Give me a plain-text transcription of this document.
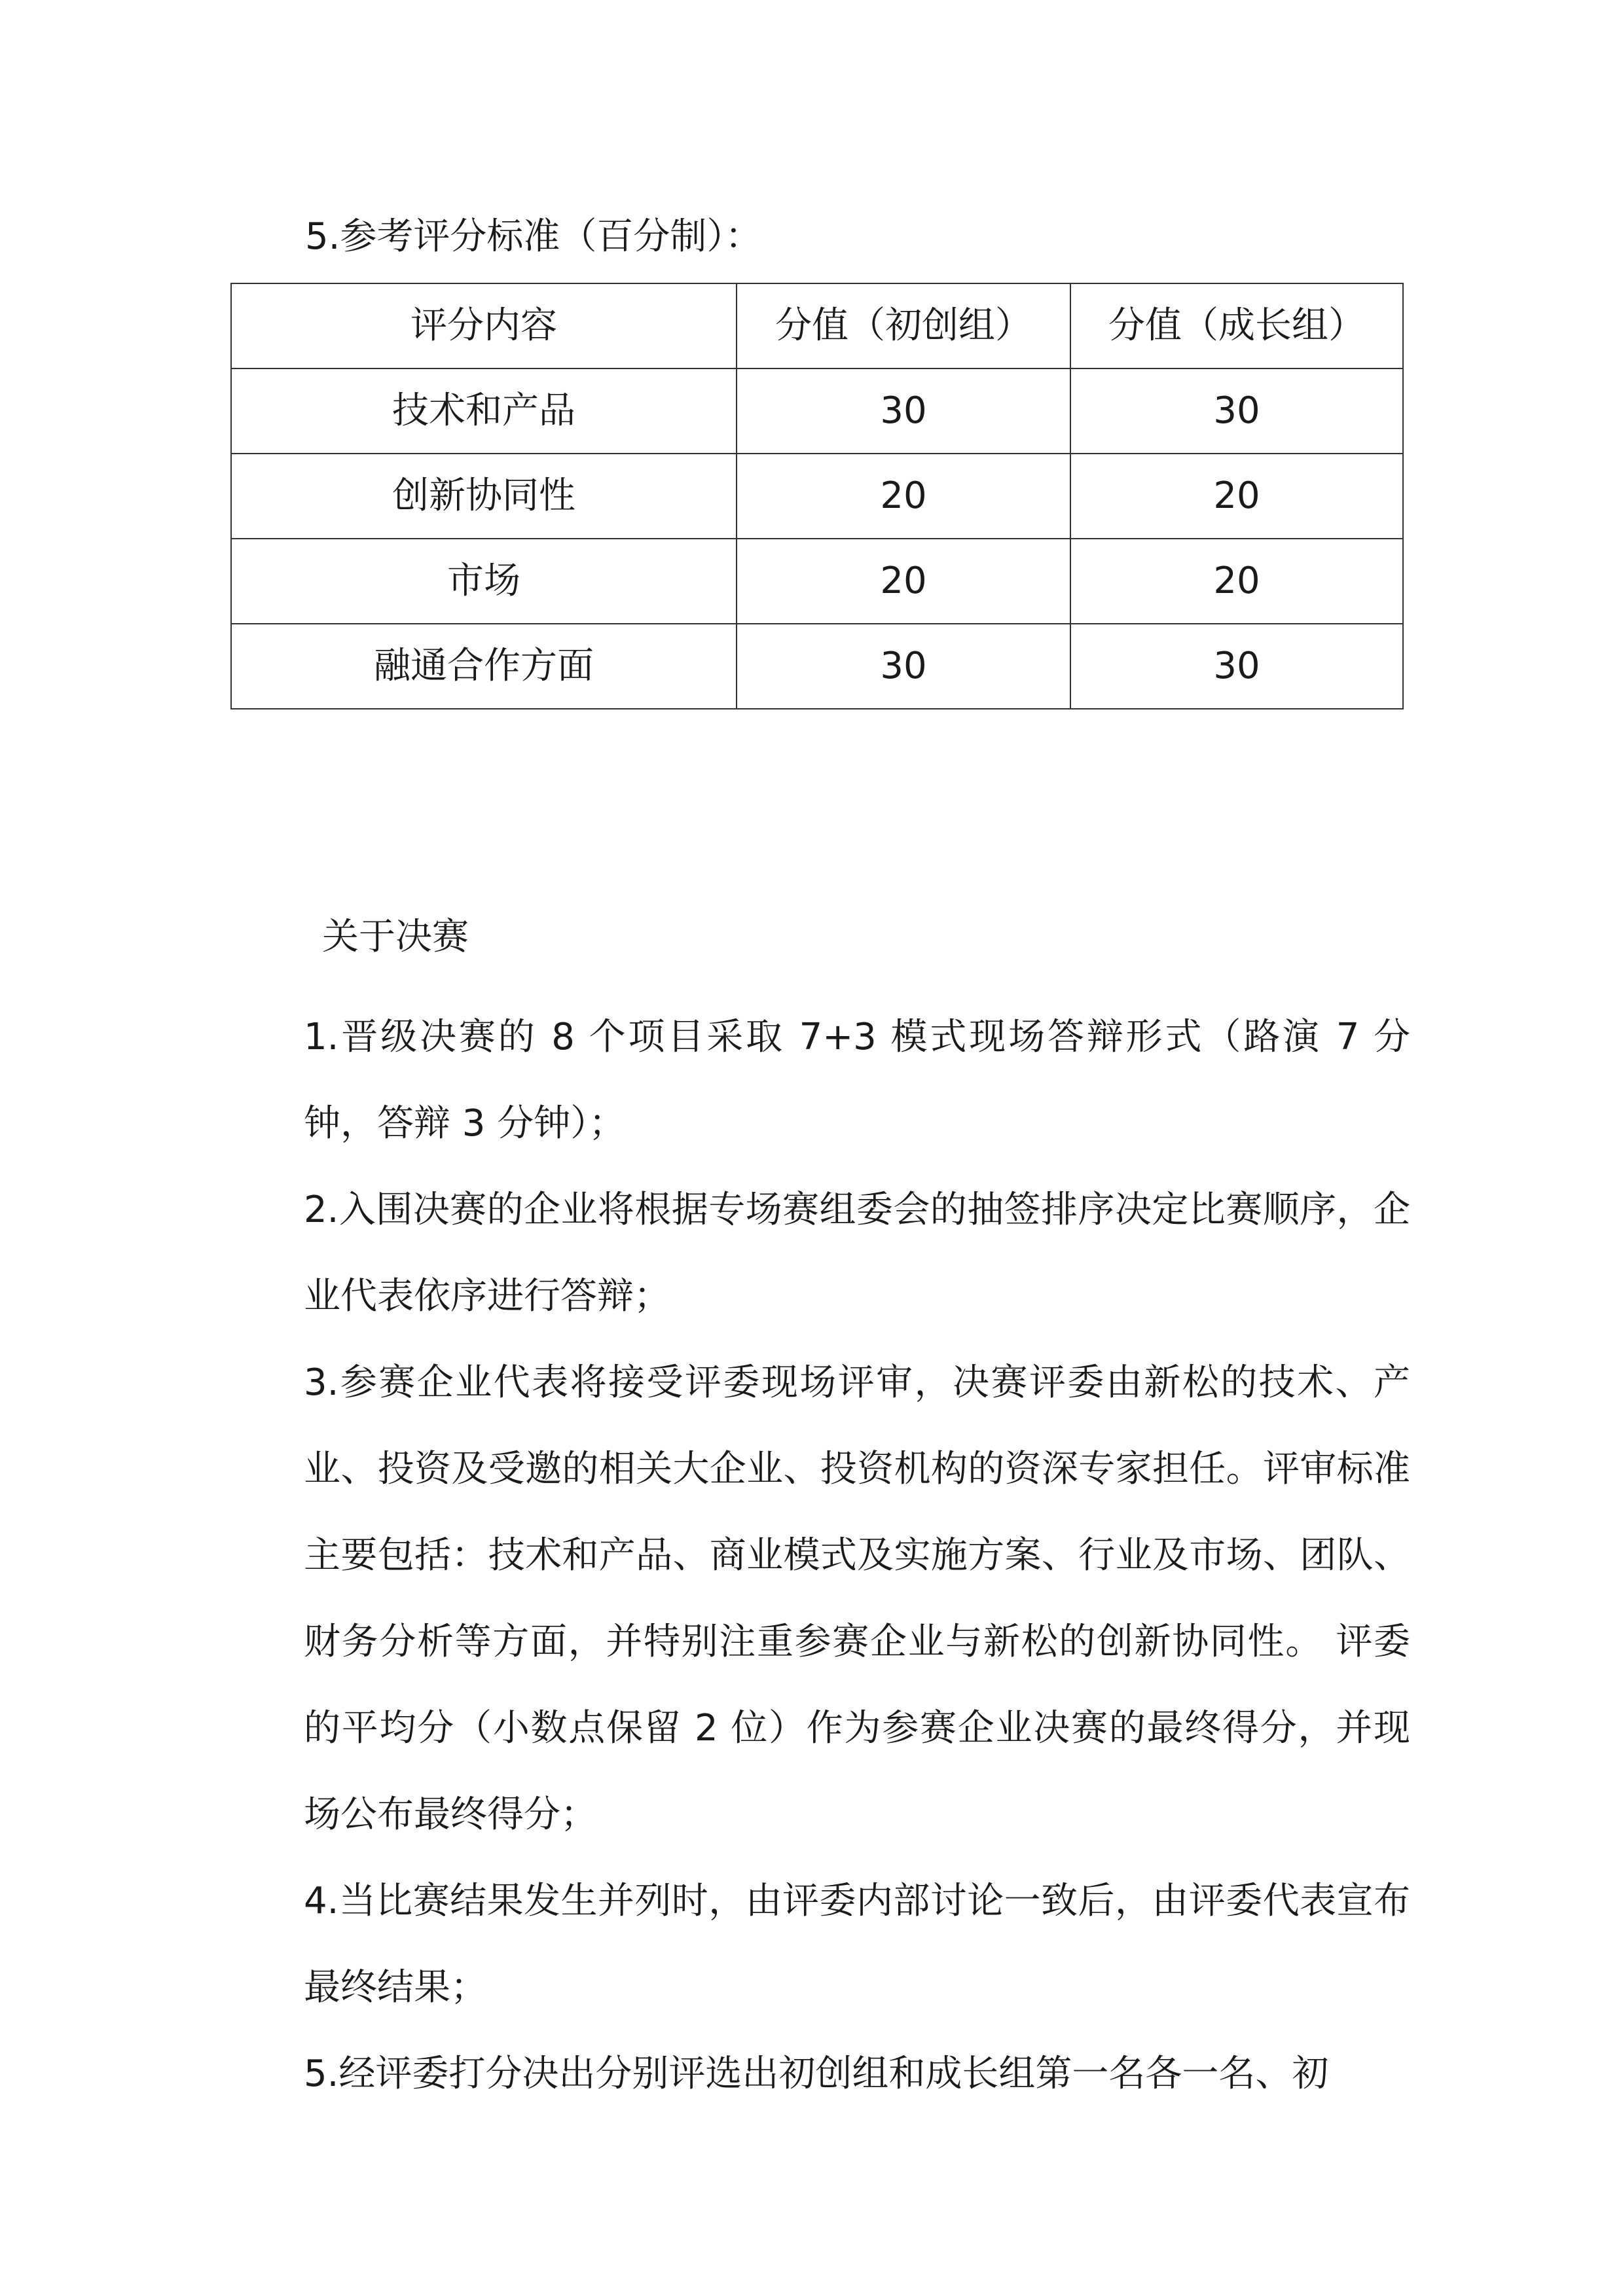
5.参考评分标准（百分制）：
评分内容	分值（初创组）	分值（成长组）
技术和产品	30	30
创新协同性	20	20
市场	20	20
融通合作方面	30	30
关于决赛

1.晋级决赛的 8 个项目采取 7+3 模式现场答辩形式（路演 7 分钟，答辩 3 分钟）；

2.入围决赛的企业将根据专场赛组委会的抽签排序决定比赛顺序，企业代表依序进行答辩；

3.参赛企业代表将接受评委现场评审，决赛评委由新松的技术、产业、投资及受邀的相关大企业、投资机构的资深专家担任。评审标准主要包括：技术和产品、商业模式及实施方案、行业及市场、团队、财务分析等方面，并特别注重参赛企业与新松的创新协同性。 评委的平均分（小数点保留 2 位）作为参赛企业决赛的最终得分，并现场公布最终得分；

4.当比赛结果发生并列时，由评委内部讨论一致后，由评委代表宣布最终结果；

5.经评委打分决出分别评选出初创组和成长组第一名各一名、初
